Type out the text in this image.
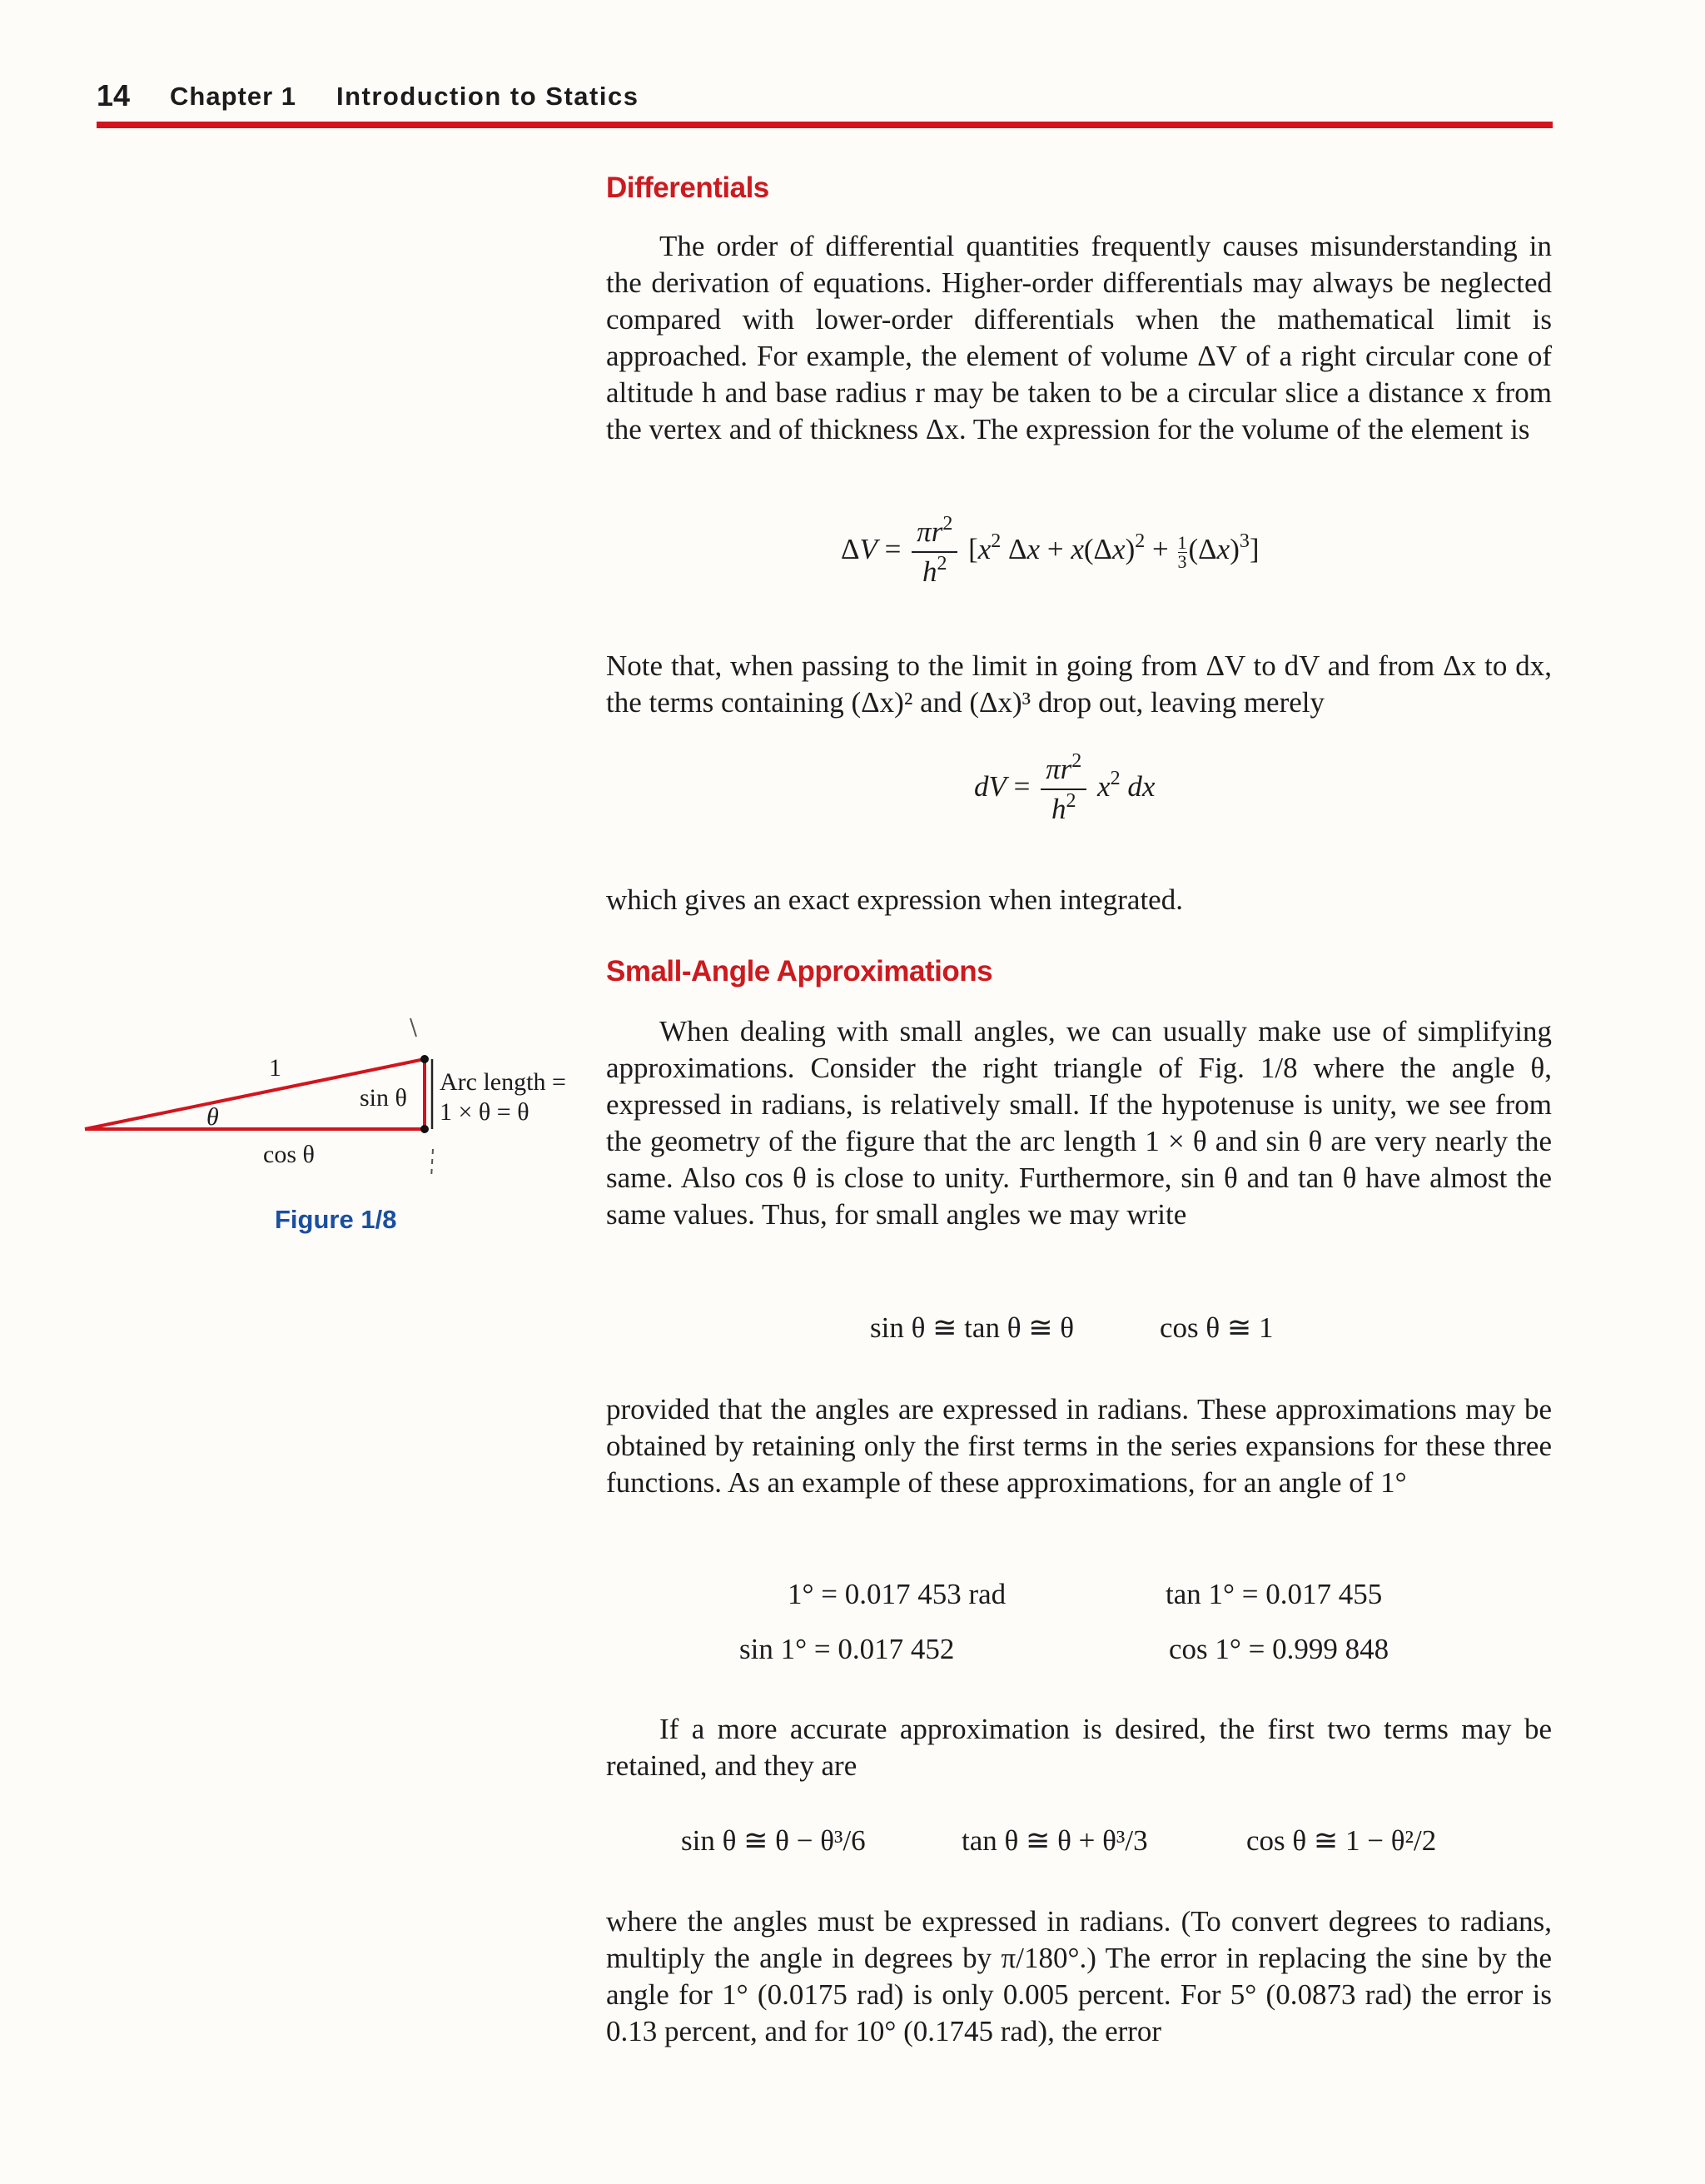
14 Chapter 1 Introduction to Statics
Differentials

The order of differential quantities frequently causes misunderstanding in the derivation of equations. Higher-order differentials may always be neglected compared with lower-order differentials when the mathematical limit is approached. For example, the element of volume ΔV of a right circular cone of altitude h and base radius r may be taken to be a circular slice a distance x from the vertex and of thickness Δx. The expression for the volume of the element is

$\Delta V = \frac{\pi r^2}{h^2} [x^2$ $\Delta x + x(\Delta x)^2 + \frac{1}{3} (\Delta x)^3$]

Note that, when passing to the limit in going from ΔV to dV and from Δx to dx, the terms containing (Δx)² and (Δx)³ drop out, leaving merely

dV = $\frac{\pi r^2}{h^2} x^2$ dx

which gives an exact expression when integrated.

Small-Angle Approximations

When dealing with small angles, we can usually make use of simplifying approximations. Consider the right triangle of Fig. 1/8 where the angle θ, expressed in radians, is relatively small. If the hypotenuse is unity, we see from the geometry of the figure that the arc length 1 × θ and sin θ are very nearly the same. Also cos θ is close to unity. Furthermore, sin θ and tan θ have almost the same values. Thus, for small angles we may write

sin θ ≅ tan θ ≅ θ	cos θ ≅ 1

provided that the angles are expressed in radians. These approximations may be obtained by retaining only the first terms in the series expansions for these three functions. As an example of these approximations, for an angle of 1°

1° = 0.017 453 rad	tan 1° = 0.017 455
sin 1° = 0.017 452	cos 1° = 0.999 848

If a more accurate approximation is desired, the first two terms may be retained, and they are

sin θ ≅ θ − θ³/6	tan θ ≅ θ + θ³/3	cos θ ≅ 1 − θ²/2

where the angles must be expressed in radians. (To convert degrees to radians, multiply the angle in degrees by π/180°.) The error in replacing the sine by the angle for 1° (0.0175 rad) is only 0.005 percent. For 5° (0.0873 rad) the error is 0.13 percent, and for 10° (0.1745 rad), the error

1
θ
sin θ
cos θ
Arc length =
1 × θ = θ
Figure 1/8
